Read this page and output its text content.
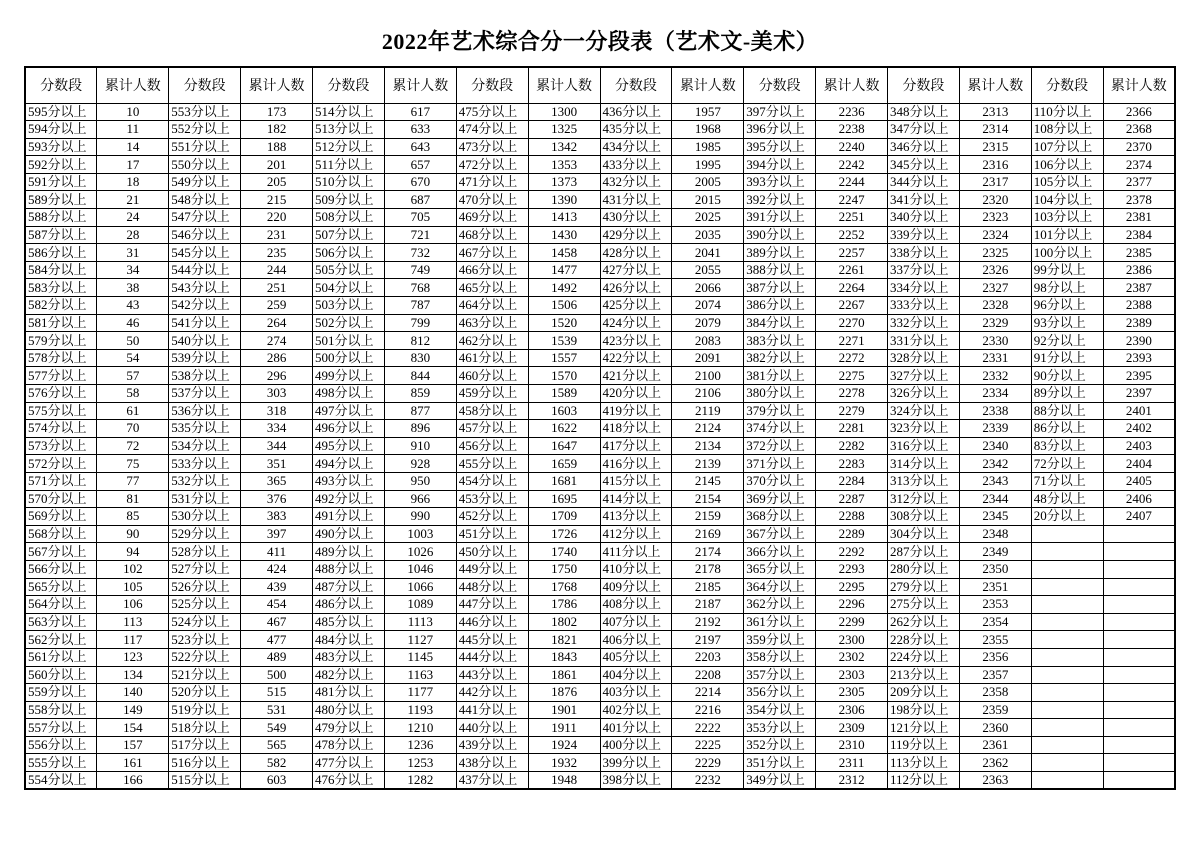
2022年艺术综合分一分段表（艺术文-美术）
分数段	累计人数	分数段	累计人数	分数段	累计人数	分数段	累计人数	分数段	累计人数	分数段	累计人数	分数段	累计人数	分数段	累计人数
595分以上	10	553分以上	173	514分以上	617	475分以上	1300	436分以上	1957	397分以上	2236	348分以上	2313	110分以上	2366
594分以上	11	552分以上	182	513分以上	633	474分以上	1325	435分以上	1968	396分以上	2238	347分以上	2314	108分以上	2368
593分以上	14	551分以上	188	512分以上	643	473分以上	1342	434分以上	1985	395分以上	2240	346分以上	2315	107分以上	2370
592分以上	17	550分以上	201	511分以上	657	472分以上	1353	433分以上	1995	394分以上	2242	345分以上	2316	106分以上	2374
591分以上	18	549分以上	205	510分以上	670	471分以上	1373	432分以上	2005	393分以上	2244	344分以上	2317	105分以上	2377
589分以上	21	548分以上	215	509分以上	687	470分以上	1390	431分以上	2015	392分以上	2247	341分以上	2320	104分以上	2378
588分以上	24	547分以上	220	508分以上	705	469分以上	1413	430分以上	2025	391分以上	2251	340分以上	2323	103分以上	2381
587分以上	28	546分以上	231	507分以上	721	468分以上	1430	429分以上	2035	390分以上	2252	339分以上	2324	101分以上	2384
586分以上	31	545分以上	235	506分以上	732	467分以上	1458	428分以上	2041	389分以上	2257	338分以上	2325	100分以上	2385
584分以上	34	544分以上	244	505分以上	749	466分以上	1477	427分以上	2055	388分以上	2261	337分以上	2326	99分以上	2386
583分以上	38	543分以上	251	504分以上	768	465分以上	1492	426分以上	2066	387分以上	2264	334分以上	2327	98分以上	2387
582分以上	43	542分以上	259	503分以上	787	464分以上	1506	425分以上	2074	386分以上	2267	333分以上	2328	96分以上	2388
581分以上	46	541分以上	264	502分以上	799	463分以上	1520	424分以上	2079	384分以上	2270	332分以上	2329	93分以上	2389
579分以上	50	540分以上	274	501分以上	812	462分以上	1539	423分以上	2083	383分以上	2271	331分以上	2330	92分以上	2390
578分以上	54	539分以上	286	500分以上	830	461分以上	1557	422分以上	2091	382分以上	2272	328分以上	2331	91分以上	2393
577分以上	57	538分以上	296	499分以上	844	460分以上	1570	421分以上	2100	381分以上	2275	327分以上	2332	90分以上	2395
576分以上	58	537分以上	303	498分以上	859	459分以上	1589	420分以上	2106	380分以上	2278	326分以上	2334	89分以上	2397
575分以上	61	536分以上	318	497分以上	877	458分以上	1603	419分以上	2119	379分以上	2279	324分以上	2338	88分以上	2401
574分以上	70	535分以上	334	496分以上	896	457分以上	1622	418分以上	2124	374分以上	2281	323分以上	2339	86分以上	2402
573分以上	72	534分以上	344	495分以上	910	456分以上	1647	417分以上	2134	372分以上	2282	316分以上	2340	83分以上	2403
572分以上	75	533分以上	351	494分以上	928	455分以上	1659	416分以上	2139	371分以上	2283	314分以上	2342	72分以上	2404
571分以上	77	532分以上	365	493分以上	950	454分以上	1681	415分以上	2145	370分以上	2284	313分以上	2343	71分以上	2405
570分以上	81	531分以上	376	492分以上	966	453分以上	1695	414分以上	2154	369分以上	2287	312分以上	2344	48分以上	2406
569分以上	85	530分以上	383	491分以上	990	452分以上	1709	413分以上	2159	368分以上	2288	308分以上	2345	20分以上	2407
568分以上	90	529分以上	397	490分以上	1003	451分以上	1726	412分以上	2169	367分以上	2289	304分以上	2348		
567分以上	94	528分以上	411	489分以上	1026	450分以上	1740	411分以上	2174	366分以上	2292	287分以上	2349		
566分以上	102	527分以上	424	488分以上	1046	449分以上	1750	410分以上	2178	365分以上	2293	280分以上	2350		
565分以上	105	526分以上	439	487分以上	1066	448分以上	1768	409分以上	2185	364分以上	2295	279分以上	2351		
564分以上	106	525分以上	454	486分以上	1089	447分以上	1786	408分以上	2187	362分以上	2296	275分以上	2353		
563分以上	113	524分以上	467	485分以上	1113	446分以上	1802	407分以上	2192	361分以上	2299	262分以上	2354		
562分以上	117	523分以上	477	484分以上	1127	445分以上	1821	406分以上	2197	359分以上	2300	228分以上	2355		
561分以上	123	522分以上	489	483分以上	1145	444分以上	1843	405分以上	2203	358分以上	2302	224分以上	2356		
560分以上	134	521分以上	500	482分以上	1163	443分以上	1861	404分以上	2208	357分以上	2303	213分以上	2357		
559分以上	140	520分以上	515	481分以上	1177	442分以上	1876	403分以上	2214	356分以上	2305	209分以上	2358		
558分以上	149	519分以上	531	480分以上	1193	441分以上	1901	402分以上	2216	354分以上	2306	198分以上	2359		
557分以上	154	518分以上	549	479分以上	1210	440分以上	1911	401分以上	2222	353分以上	2309	121分以上	2360		
556分以上	157	517分以上	565	478分以上	1236	439分以上	1924	400分以上	2225	352分以上	2310	119分以上	2361		
555分以上	161	516分以上	582	477分以上	1253	438分以上	1932	399分以上	2229	351分以上	2311	113分以上	2362		
554分以上	166	515分以上	603	476分以上	1282	437分以上	1948	398分以上	2232	349分以上	2312	112分以上	2363		
